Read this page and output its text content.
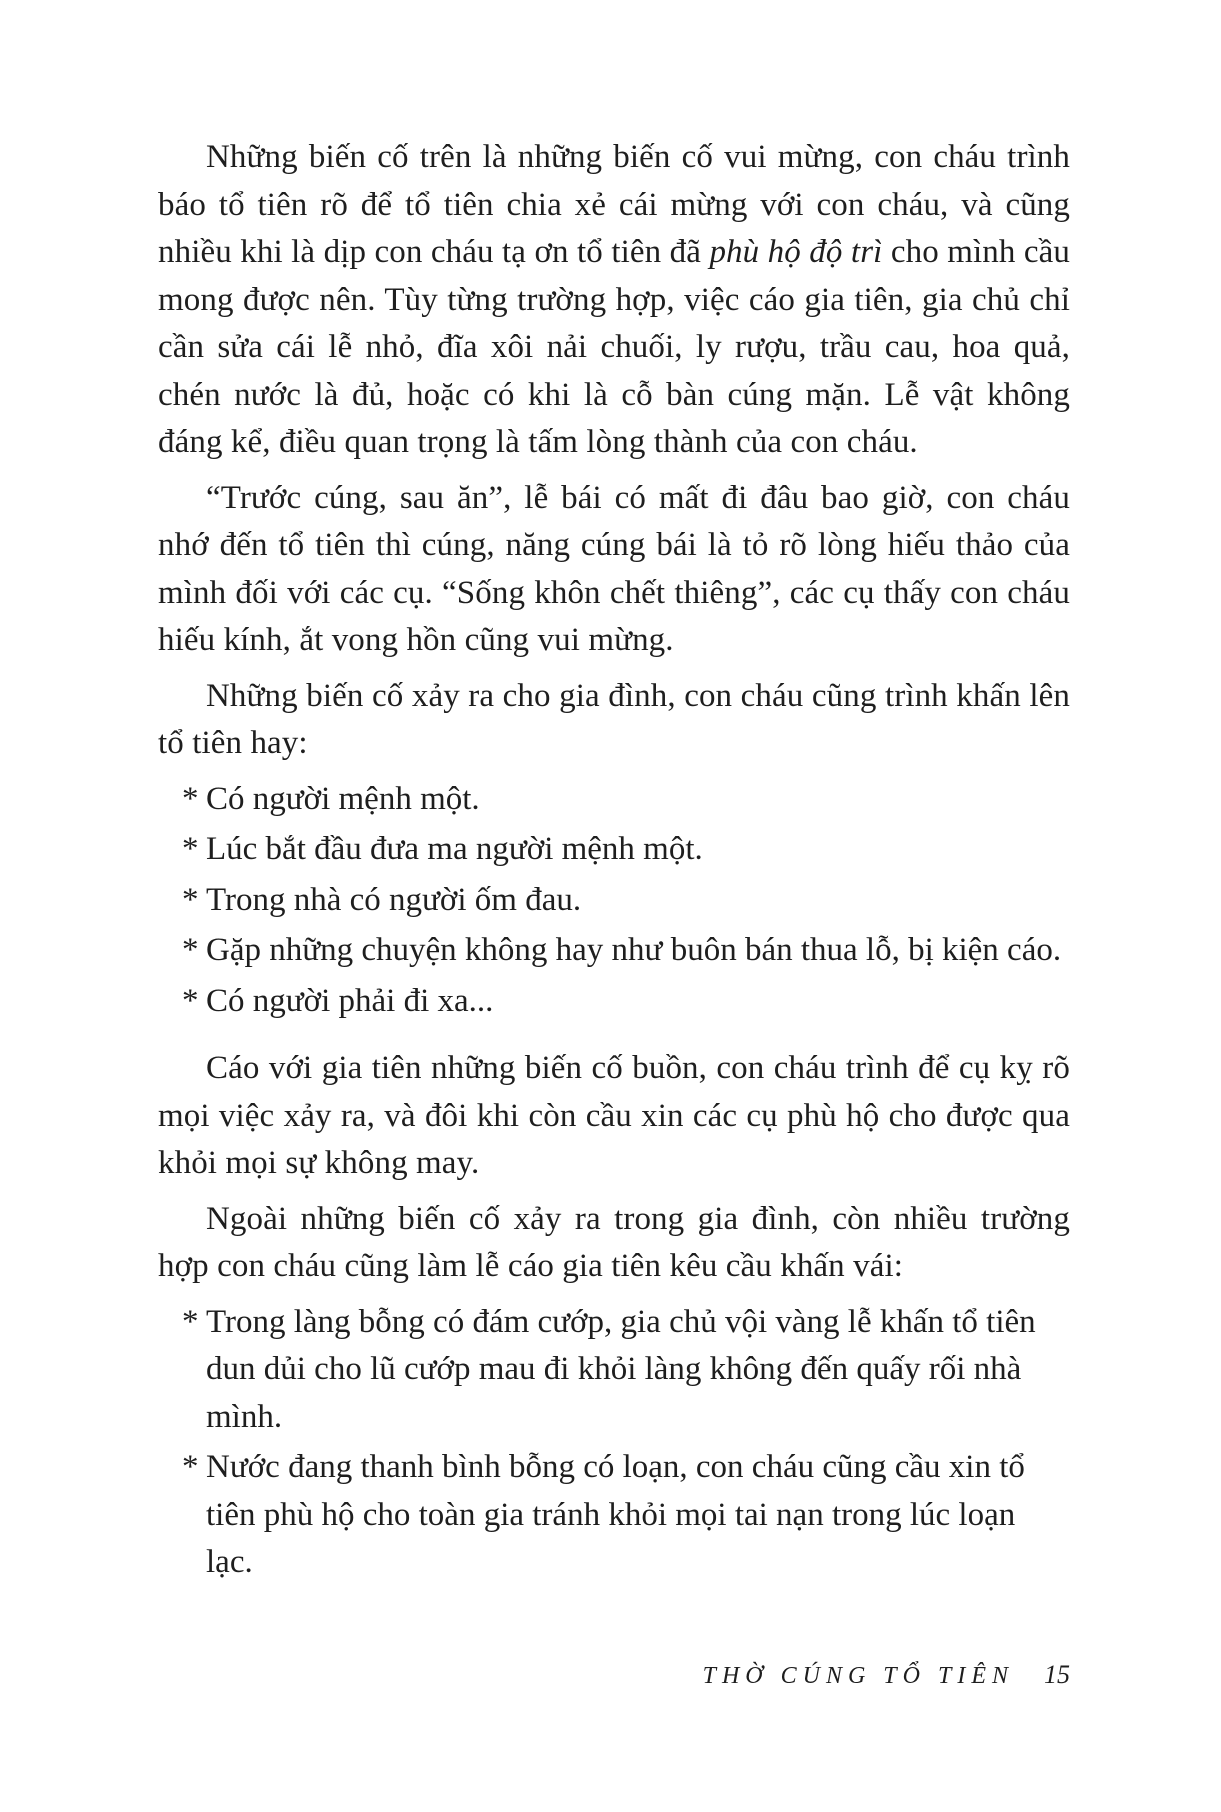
Những biến cố trên là những biến cố vui mừng, con cháu trình báo tổ tiên rõ để tổ tiên chia xẻ cái mừng với con cháu, và cũng nhiều khi là dịp con cháu tạ ơn tổ tiên đã phù hộ độ trì cho mình cầu mong được nên. Tùy từng trường hợp, việc cáo gia tiên, gia chủ chỉ cần sửa cái lễ nhỏ, đĩa xôi nải chuối, ly rượu, trầu cau, hoa quả, chén nước là đủ, hoặc có khi là cỗ bàn cúng mặn. Lễ vật không đáng kể, điều quan trọng là tấm lòng thành của con cháu.

“Trước cúng, sau ăn”, lễ bái có mất đi đâu bao giờ, con cháu nhớ đến tổ tiên thì cúng, năng cúng bái là tỏ rõ lòng hiếu thảo của mình đối với các cụ. “Sống khôn chết thiêng”, các cụ thấy con cháu hiếu kính, ắt vong hồn cũng vui mừng.

Những biến cố xảy ra cho gia đình, con cháu cũng trình khấn lên tổ tiên hay:

* Có người mệnh một.
* Lúc bắt đầu đưa ma người mệnh một.
* Trong nhà có người ốm đau.
* Gặp những chuyện không hay như buôn bán thua lỗ, bị kiện cáo.
* Có người phải đi xa...

Cáo với gia tiên những biến cố buồn, con cháu trình để cụ kỵ rõ mọi việc xảy ra, và đôi khi còn cầu xin các cụ phù hộ cho được qua khỏi mọi sự không may.

Ngoài những biến cố xảy ra trong gia đình, còn nhiều trường hợp con cháu cũng làm lễ cáo gia tiên kêu cầu khấn vái:

* Trong làng bỗng có đám cướp, gia chủ vội vàng lễ khấn tổ tiên dun dủi cho lũ cướp mau đi khỏi làng không đến quấy rối nhà mình.
* Nước đang thanh bình bỗng có loạn, con cháu cũng cầu xin tổ tiên phù hộ cho toàn gia tránh khỏi mọi tai nạn trong lúc loạn lạc.
THỜ CÚNG TỔ TIÊN 15
